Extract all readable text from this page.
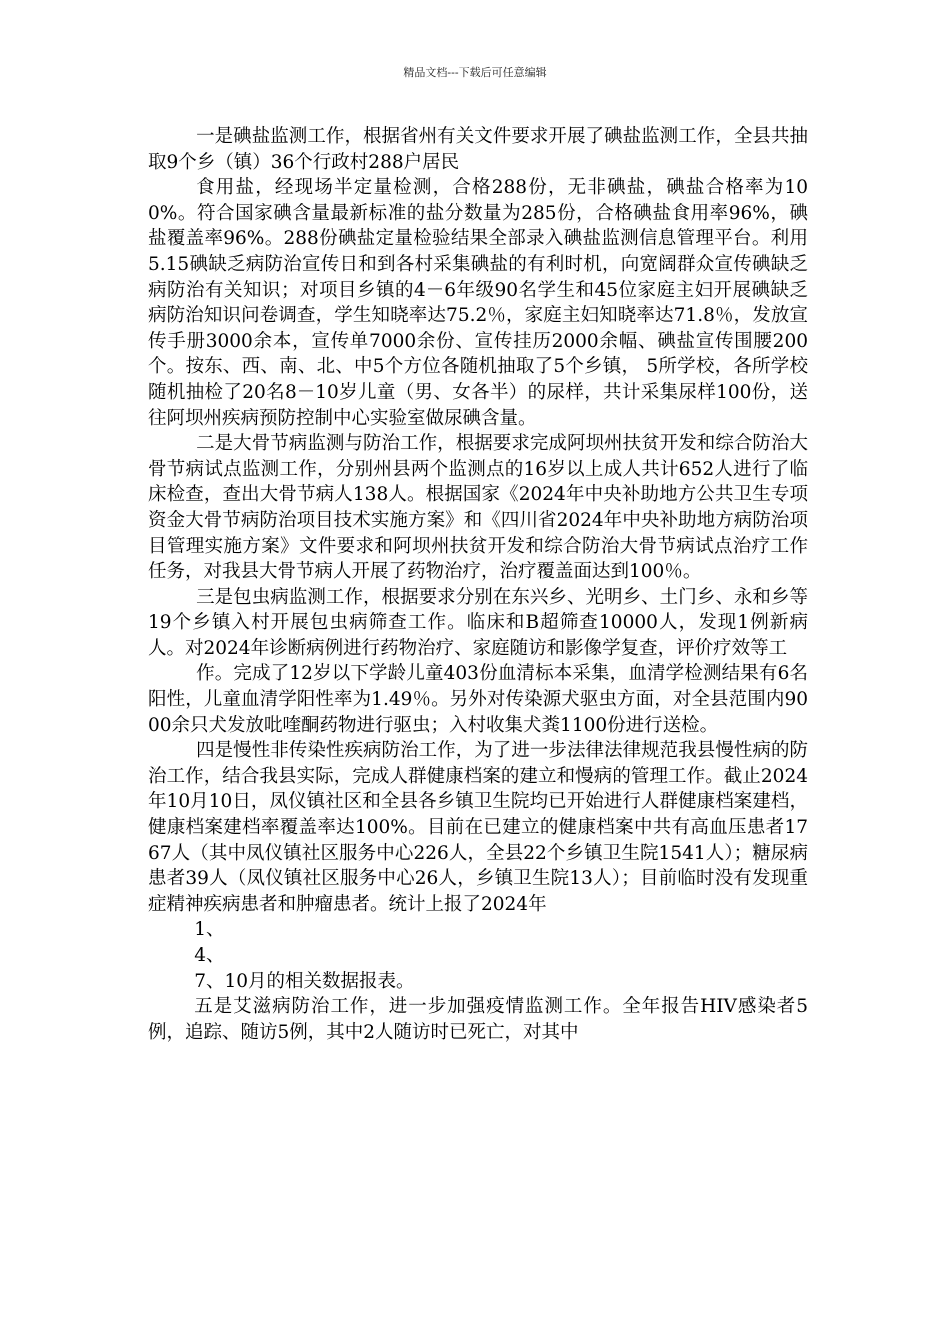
精品文档---下载后可任意编辑

一是碘盐监测工作，根据省州有关文件要求开展了碘盐监测工作，全县共抽取9个乡（镇）36个行政村288户居民

食用盐，经现场半定量检测，合格288份，无非碘盐，碘盐合格率为100%。符合国家碘含量最新标准的盐分数量为285份，合格碘盐食用率96%，碘盐覆盖率96%。288份碘盐定量检验结果全部录入碘盐监测信息管理平台。利用5.15碘缺乏病防治宣传日和到各村采集碘盐的有利时机，向宽阔群众宣传碘缺乏病防治有关知识；对项目乡镇的4－6年级90名学生和45位家庭主妇开展碘缺乏病防治知识问卷调查，学生知晓率达75.2％，家庭主妇知晓率达71.8％，发放宣传手册3000余本，宣传单7000余份、宣传挂历2000余幅、碘盐宣传围腰200个。按东、西、南、北、中5个方位各随机抽取了5个乡镇， 5所学校，各所学校随机抽检了20名8－10岁儿童（男、女各半）的尿样，共计采集尿样100份，送往阿坝州疾病预防控制中心实验室做尿碘含量。

二是大骨节病监测与防治工作，根据要求完成阿坝州扶贫开发和综合防治大骨节病试点监测工作，分别州县两个监测点的16岁以上成人共计652人进行了临床检查，查出大骨节病人138人。根据国家《2024年中央补助地方公共卫生专项资金大骨节病防治项目技术实施方案》和《四川省2024年中央补助地方病防治项目管理实施方案》文件要求和阿坝州扶贫开发和综合防治大骨节病试点治疗工作任务，对我县大骨节病人开展了药物治疗，治疗覆盖面达到100％。

三是包虫病监测工作，根据要求分别在东兴乡、光明乡、土门乡、永和乡等19个乡镇入村开展包虫病筛查工作。临床和B超筛查10000人，发现1例新病人。对2024年诊断病例进行药物治疗、家庭随访和影像学复查，评价疗效等工

作。完成了12岁以下学龄儿童403份血清标本采集，血清学检测结果有6名阳性，儿童血清学阳性率为1.49％。另外对传染源犬驱虫方面，对全县范围内9000余只犬发放吡喹酮药物进行驱虫；入村收集犬粪1100份进行送检。

四是慢性非传染性疾病防治工作，为了进一步法律法律规范我县慢性病的防治工作，结合我县实际，完成人群健康档案的建立和慢病的管理工作。截止2024年10月10日，凤仪镇社区和全县各乡镇卫生院均已开始进行人群健康档案建档，健康档案建档率覆盖率达100%。目前在已建立的健康档案中共有高血压患者1767人（其中凤仪镇社区服务中心226人，全县22个乡镇卫生院1541人）；糖尿病患者39人（凤仪镇社区服务中心26人，乡镇卫生院13人）；目前临时没有发现重症精神疾病患者和肿瘤患者。统计上报了2024年

1、

4、

7、10月的相关数据报表。

五是艾滋病防治工作，进一步加强疫情监测工作。全年报告HIV感染者5例，追踪、随访5例，其中2人随访时已死亡，对其中
